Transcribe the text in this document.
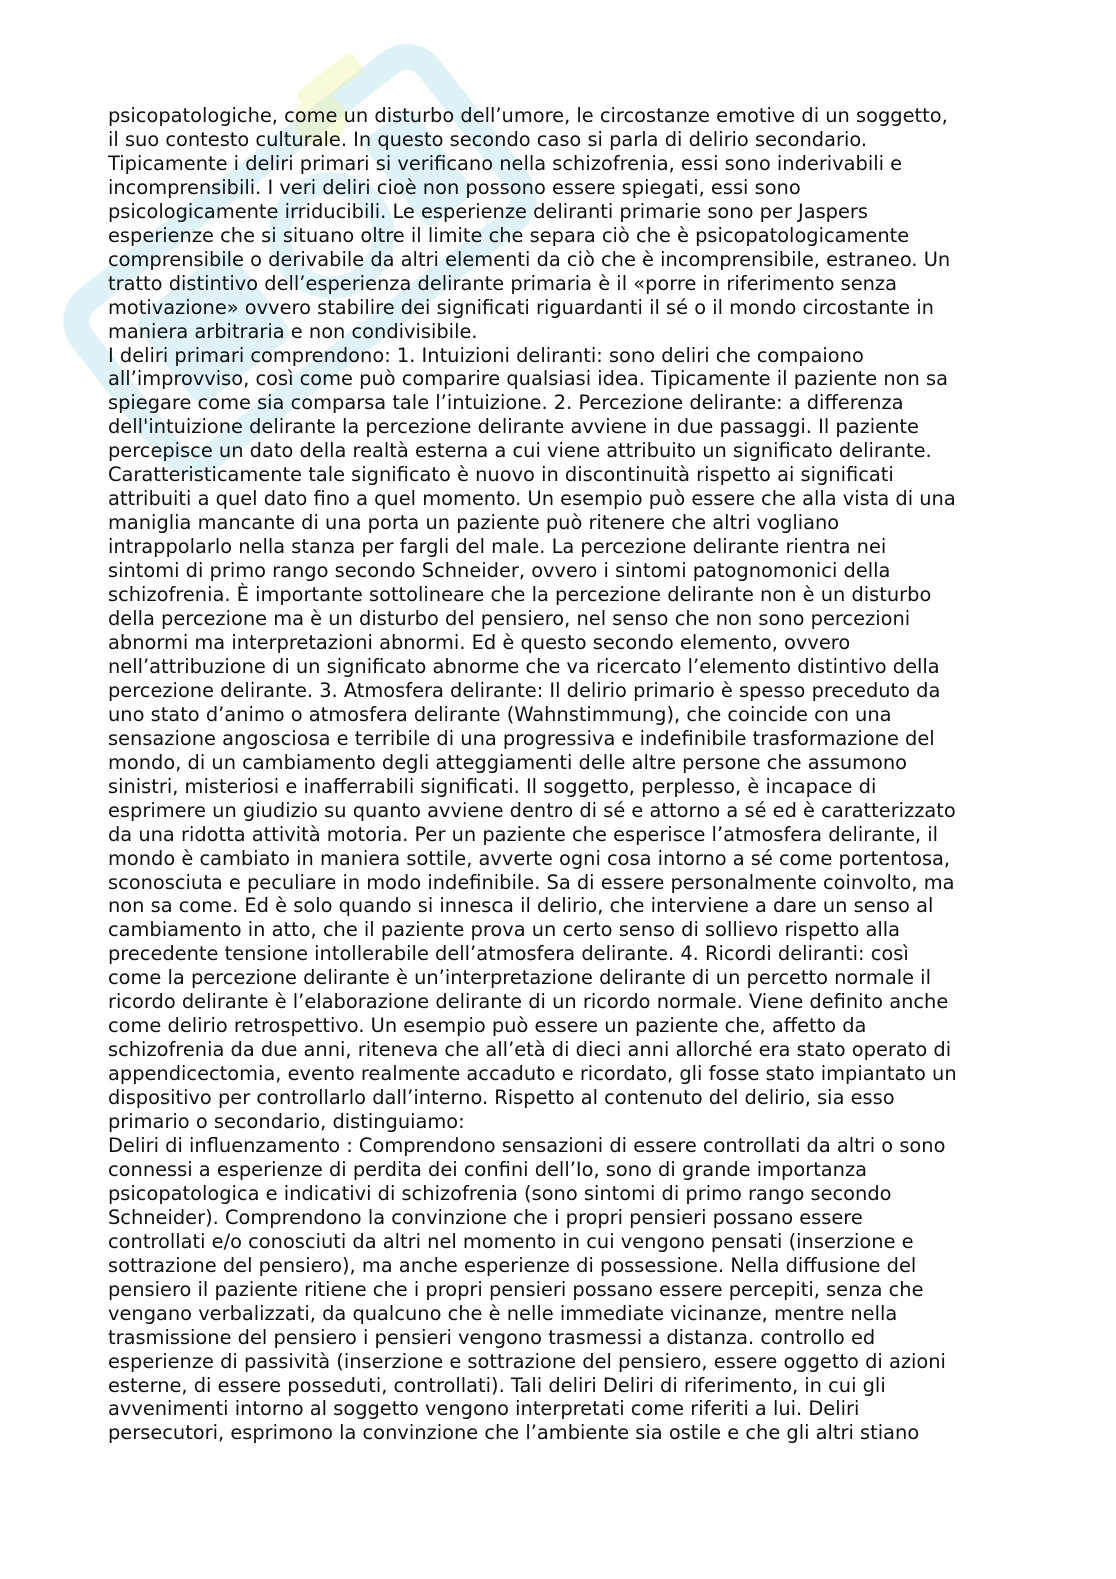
psicopatologiche, come un disturbo dell’umore, le circostanze emotive di un soggetto,
il suo contesto culturale. In questo secondo caso si parla di delirio secondario.
Tipicamente i deliri primari si verificano nella schizofrenia, essi sono inderivabili e
incomprensibili. I veri deliri cioè non possono essere spiegati, essi sono
psicologicamente irriducibili. Le esperienze deliranti primarie sono per Jaspers
esperienze che si situano oltre il limite che separa ciò che è psicopatologicamente
comprensibile o derivabile da altri elementi da ciò che è incomprensibile, estraneo. Un
tratto distintivo dell’esperienza delirante primaria è il «porre in riferimento senza
motivazione» ovvero stabilire dei significati riguardanti il sé o il mondo circostante in
maniera arbitraria e non condivisibile.
I deliri primari comprendono: 1. Intuizioni deliranti: sono deliri che compaiono
all’improvviso, così come può comparire qualsiasi idea. Tipicamente il paziente non sa
spiegare come sia comparsa tale l’intuizione. 2. Percezione delirante: a differenza
dell'intuizione delirante la percezione delirante avviene in due passaggi. Il paziente
percepisce un dato della realtà esterna a cui viene attribuito un significato delirante.
Caratteristicamente tale significato è nuovo in discontinuità rispetto ai significati
attribuiti a quel dato fino a quel momento. Un esempio può essere che alla vista di una
maniglia mancante di una porta un paziente può ritenere che altri vogliano
intrappolarlo nella stanza per fargli del male. La percezione delirante rientra nei
sintomi di primo rango secondo Schneider, ovvero i sintomi patognomonici della
schizofrenia. È importante sottolineare che la percezione delirante non è un disturbo
della percezione ma è un disturbo del pensiero, nel senso che non sono percezioni
abnormi ma interpretazioni abnormi. Ed è questo secondo elemento, ovvero
nell’attribuzione di un significato abnorme che va ricercato l’elemento distintivo della
percezione delirante. 3. Atmosfera delirante: Il delirio primario è spesso preceduto da
uno stato d’animo o atmosfera delirante (Wahnstimmung), che coincide con una
sensazione angosciosa e terribile di una progressiva e indefinibile trasformazione del
mondo, di un cambiamento degli atteggiamenti delle altre persone che assumono
sinistri, misteriosi e inafferrabili significati. Il soggetto, perplesso, è incapace di
esprimere un giudizio su quanto avviene dentro di sé e attorno a sé ed è caratterizzato
da una ridotta attività motoria. Per un paziente che esperisce l’atmosfera delirante, il
mondo è cambiato in maniera sottile, avverte ogni cosa intorno a sé come portentosa,
sconosciuta e peculiare in modo indefinibile. Sa di essere personalmente coinvolto, ma
non sa come. Ed è solo quando si innesca il delirio, che interviene a dare un senso al
cambiamento in atto, che il paziente prova un certo senso di sollievo rispetto alla
precedente tensione intollerabile dell’atmosfera delirante. 4. Ricordi deliranti: così
come la percezione delirante è un’interpretazione delirante di un percetto normale il
ricordo delirante è l’elaborazione delirante di un ricordo normale. Viene definito anche
come delirio retrospettivo. Un esempio può essere un paziente che, affetto da
schizofrenia da due anni, riteneva che all’età di dieci anni allorché era stato operato di
appendicectomia, evento realmente accaduto e ricordato, gli fosse stato impiantato un
dispositivo per controllarlo dall’interno. Rispetto al contenuto del delirio, sia esso
primario o secondario, distinguiamo:
Deliri di influenzamento : Comprendono sensazioni di essere controllati da altri o sono
connessi a esperienze di perdita dei confini dell’Io, sono di grande importanza
psicopatologica e indicativi di schizofrenia (sono sintomi di primo rango secondo
Schneider). Comprendono la convinzione che i propri pensieri possano essere
controllati e/o conosciuti da altri nel momento in cui vengono pensati (inserzione e
sottrazione del pensiero), ma anche esperienze di possessione. Nella diffusione del
pensiero il paziente ritiene che i propri pensieri possano essere percepiti, senza che
vengano verbalizzati, da qualcuno che è nelle immediate vicinanze, mentre nella
trasmissione del pensiero i pensieri vengono trasmessi a distanza. controllo ed
esperienze di passività (inserzione e sottrazione del pensiero, essere oggetto di azioni
esterne, di essere posseduti, controllati). Tali deliri Deliri di riferimento, in cui gli
avvenimenti intorno al soggetto vengono interpretati come riferiti a lui. Deliri
persecutori, esprimono la convinzione che l’ambiente sia ostile e che gli altri stiano
